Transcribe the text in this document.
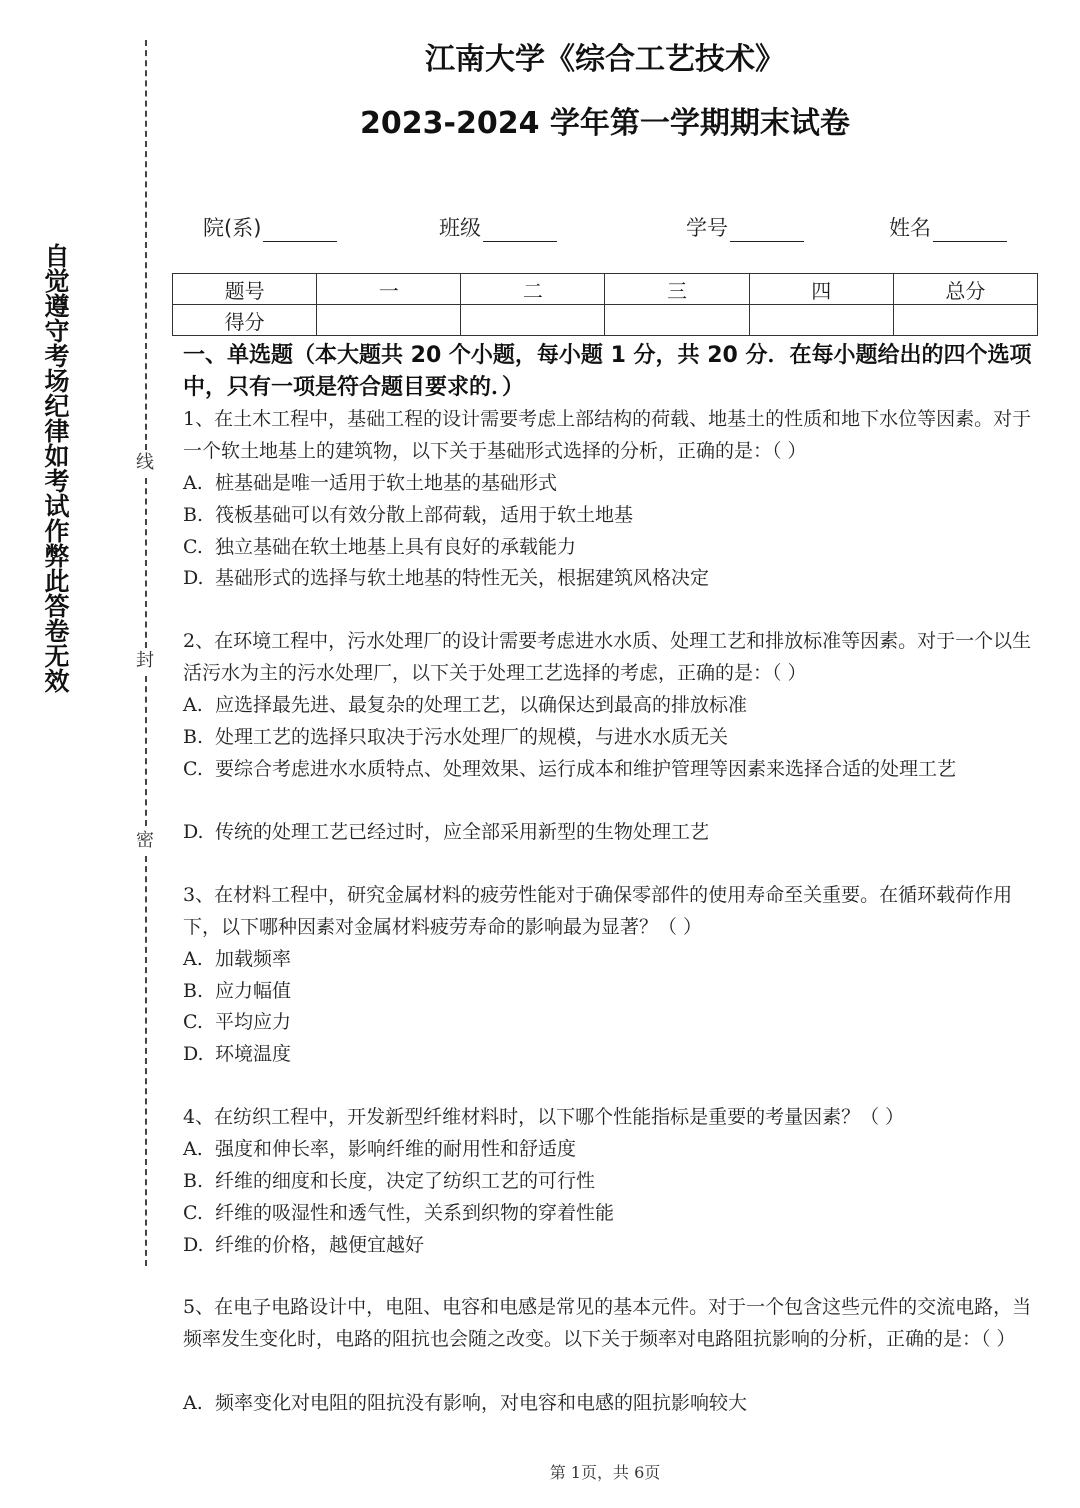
自觉遵守考场纪律如考试作弊此答卷无效	线
封
密
江南大学《综合工艺技术》
2023-2024 学年第一学期期末试卷
院(系)	班级	学号	姓名
题号	一	二	三	四	总分
得分					
一、单选题（本大题共 20 个小题，每小题 1 分，共 20 分．在每小题给出的四个选项中，只有一项是符合题目要求的．）
1、在土木工程中，基础工程的设计需要考虑上部结构的荷载、地基土的性质和地下水位等因素。对于一个软土地基上的建筑物，以下关于基础形式选择的分析，正确的是：（ ）
A. 桩基础是唯一适用于软土地基的基础形式
B. 筏板基础可以有效分散上部荷载，适用于软土地基
C. 独立基础在软土地基上具有良好的承载能力
D. 基础形式的选择与软土地基的特性无关，根据建筑风格决定
2、在环境工程中，污水处理厂的设计需要考虑进水水质、处理工艺和排放标准等因素。对于一个以生活污水为主的污水处理厂，以下关于处理工艺选择的考虑，正确的是：（ ）
A. 应选择最先进、最复杂的处理工艺，以确保达到最高的排放标准
B. 处理工艺的选择只取决于污水处理厂的规模，与进水水质无关
C. 要综合考虑进水水质特点、处理效果、运行成本和维护管理等因素来选择合适的处理工艺
D. 传统的处理工艺已经过时，应全部采用新型的生物处理工艺
3、在材料工程中，研究金属材料的疲劳性能对于确保零部件的使用寿命至关重要。在循环载荷作用下，以下哪种因素对金属材料疲劳寿命的影响最为显著？（ ）
A. 加载频率
B. 应力幅值
C. 平均应力
D. 环境温度
4、在纺织工程中，开发新型纤维材料时，以下哪个性能指标是重要的考量因素？（ ）
A. 强度和伸长率，影响纤维的耐用性和舒适度
B. 纤维的细度和长度，决定了纺织工艺的可行性
C. 纤维的吸湿性和透气性，关系到织物的穿着性能
D. 纤维的价格，越便宜越好
5、在电子电路设计中，电阻、电容和电感是常见的基本元件。对于一个包含这些元件的交流电路，当频率发生变化时，电路的阻抗也会随之改变。以下关于频率对电路阻抗影响的分析，正确的是：（ ）
A. 频率变化对电阻的阻抗没有影响，对电容和电感的阻抗影响较大
第 1页，共 6页
